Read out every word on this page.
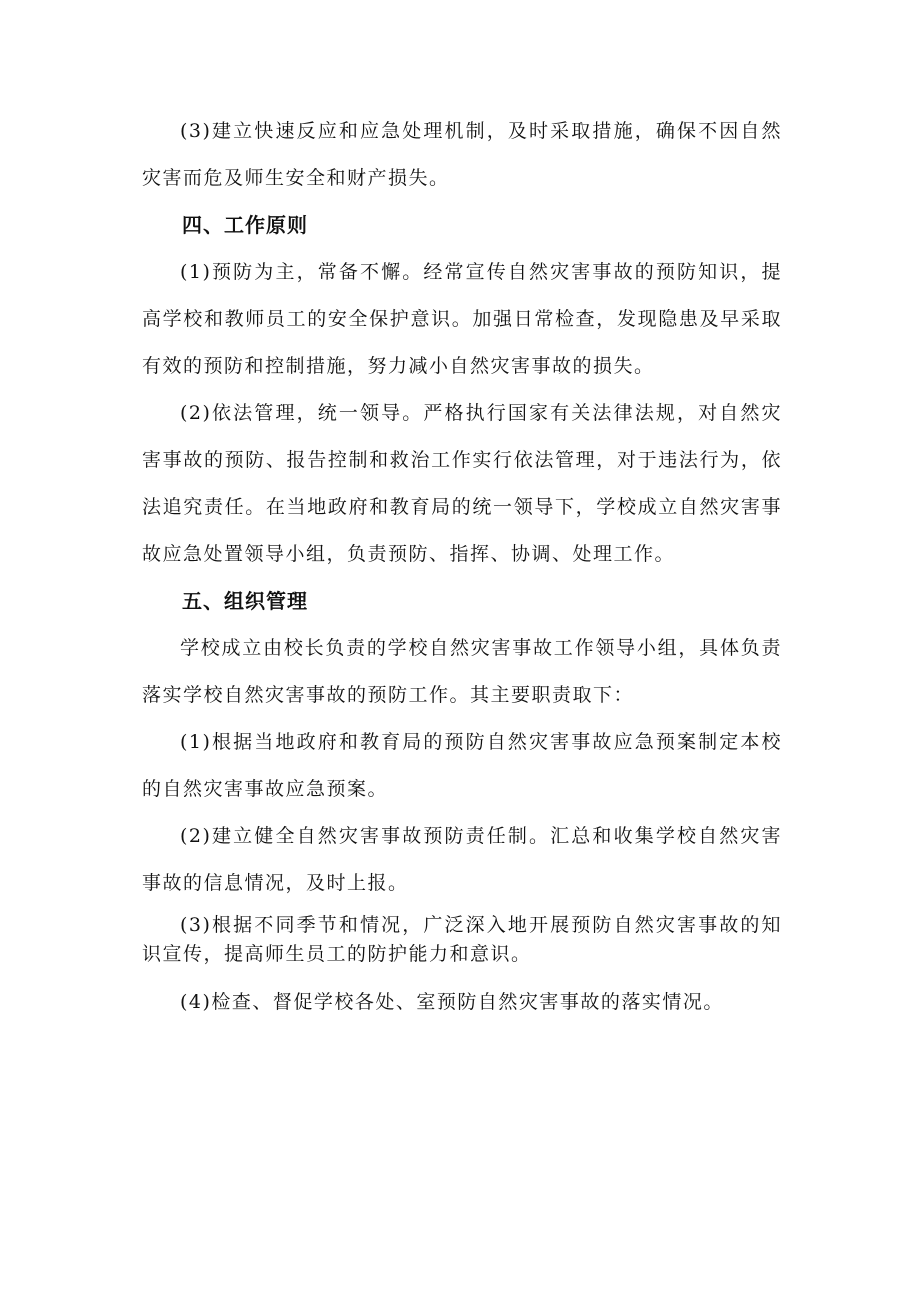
(3)建立快速反应和应急处理机制，及时采取措施，确保不因自然灾害而危及师生安全和财产损失。

四、工作原则

(1)预防为主，常备不懈。经常宣传自然灾害事故的预防知识，提高学校和教师员工的安全保护意识。加强日常检查，发现隐患及早采取有效的预防和控制措施，努力减小自然灾害事故的损失。

(2)依法管理，统一领导。严格执行国家有关法律法规，对自然灾害事故的预防、报告控制和救治工作实行依法管理，对于违法行为，依法追究责任。在当地政府和教育局的统一领导下，学校成立自然灾害事故应急处置领导小组，负责预防、指挥、协调、处理工作。

五、组织管理

学校成立由校长负责的学校自然灾害事故工作领导小组，具体负责落实学校自然灾害事故的预防工作。其主要职责取下：

(1)根据当地政府和教育局的预防自然灾害事故应急预案制定本校的自然灾害事故应急预案。

(2)建立健全自然灾害事故预防责任制。汇总和收集学校自然灾害事故的信息情况，及时上报。

(3)根据不同季节和情况，广泛深入地开展预防自然灾害事故的知识宣传，提高师生员工的防护能力和意识。

(4)检查、督促学校各处、室预防自然灾害事故的落实情况。
